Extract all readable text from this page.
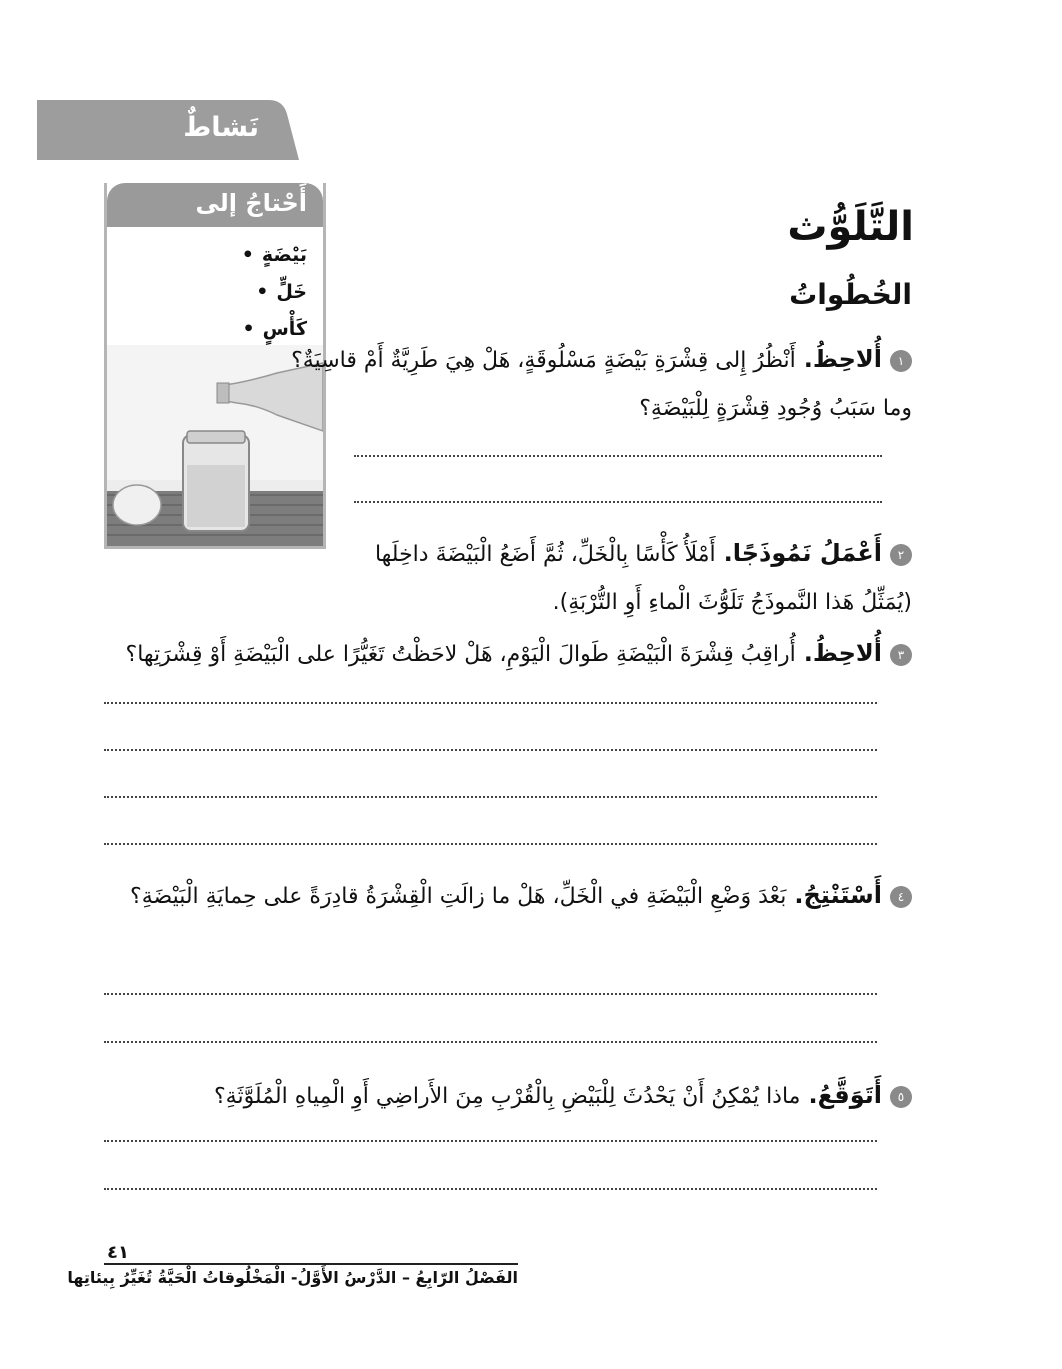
نَشاطٌ
أَحْتاجُ إلى
بَيْضَةٍ •
خَلٍّ •
كَأْسٍ •
التَّلَوُّث
الخُطُواتُ
١أُلاحِظُ.أَنْظُرُ إِلى قِشْرَةِ بَيْضَةٍ مَسْلُوقَةٍ، هَلْ هِيَ طَرِيَّةٌ أَمْ قاسِيَةٌ؟
وما سَبَبُ وُجُودِ قِشْرَةٍ لِلْبَيْضَةِ؟
٢أَعْمَلُ نَمُوذَجًا.أَمْلَأُ كَأْسًا بِالْخَلِّ، ثُمَّ أَضَعُ الْبَيْضَةَ داخِلَها
(يُمَثِّلُ هَذا النَّموذَجُ تَلَوُّثَ الْماءِ أَوِ التُّرْبَةِ).
٣أُلاحِظُ.أُراقِبُ قِشْرَةَ الْبَيْضَةِ طَوالَ الْيَوْمِ، هَلْ لاحَظْتُ تَغَيُّرًا على الْبَيْضَةِ أَوْ قِشْرَتِها؟
٤أَسْتَنْتِجُ.بَعْدَ وَضْعِ الْبَيْضَةِ في الْخَلِّ، هَلْ ما زالَتِ الْقِشْرَةُ قادِرَةً على حِمايَةِ الْبَيْضَةِ؟
٥أَتَوَقَّعُ.ماذا يُمْكِنُ أَنْ يَحْدُثَ لِلْبَيْضِ بِالْقُرْبِ مِنَ الأَراضِي أَوِ الْمِياهِ الْمُلَوَّثَةِ؟
٤١
الفَصْلُ الرّابِعُ – الدَّرْسُ الأَوَّلُ- الْمَخْلُوقاتُ الْحَيَّةُ تُغَيِّرُ بِيئاتِها
